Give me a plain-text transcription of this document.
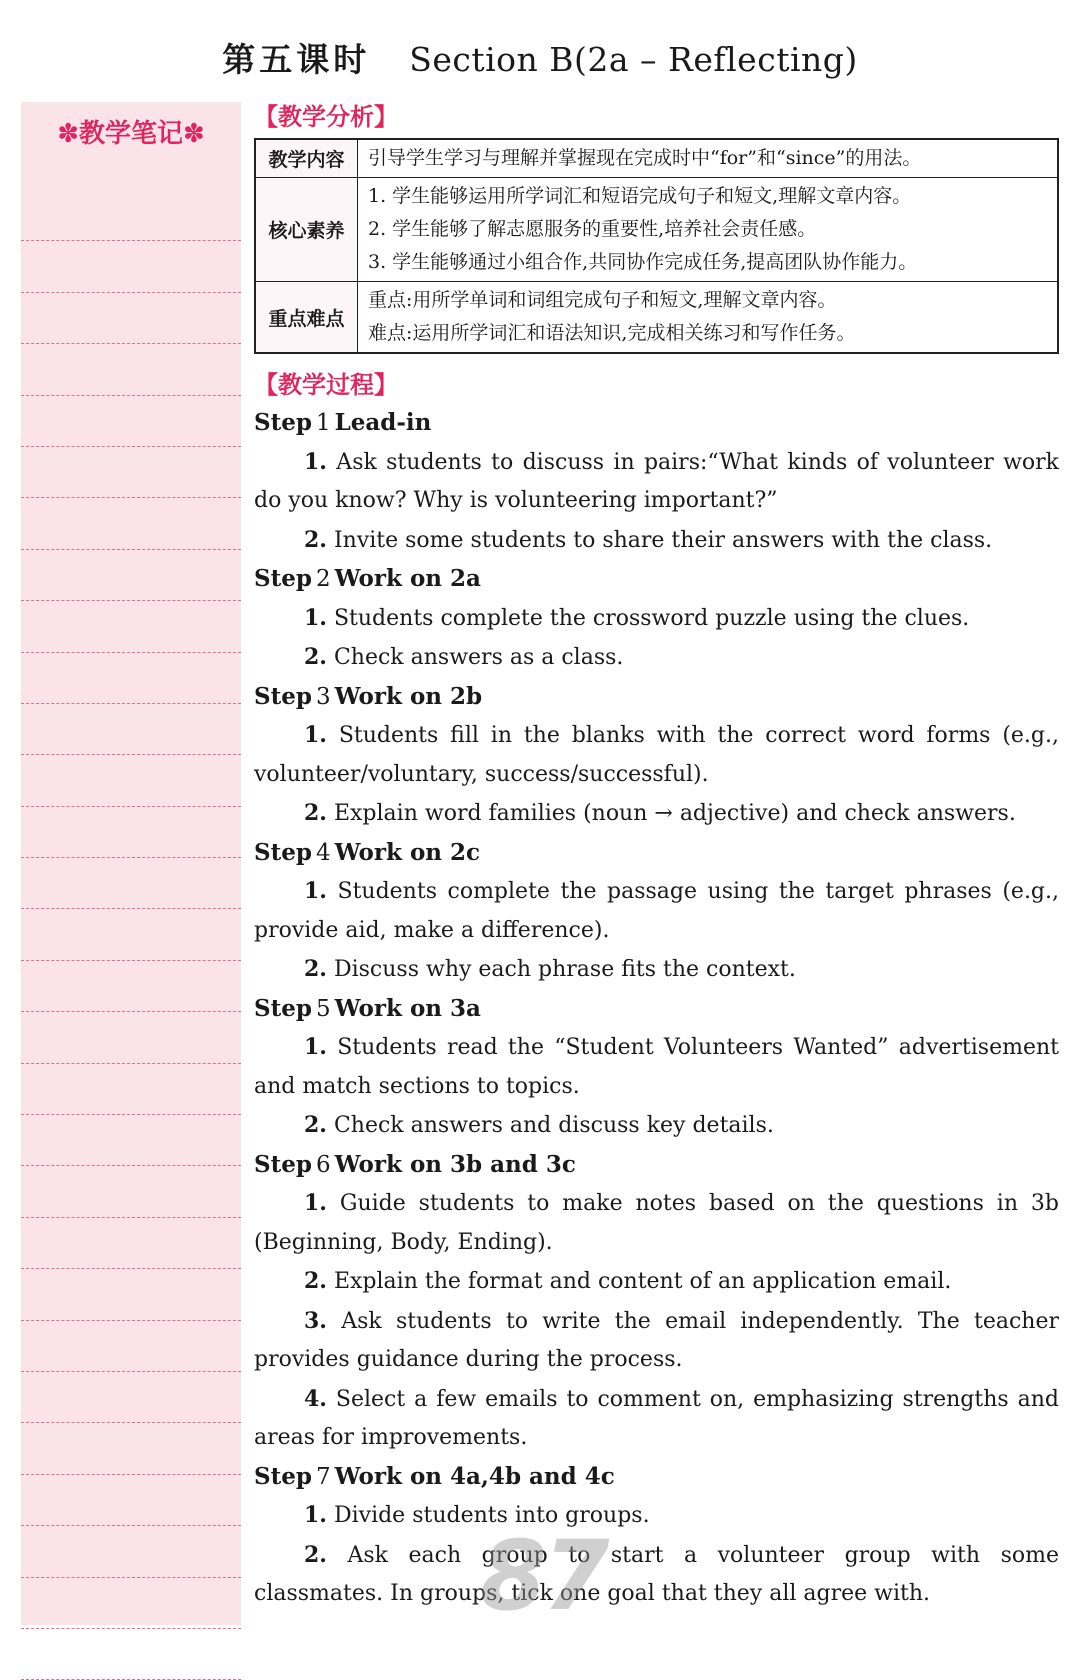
第五课时 Section B(2a – Reflecting)
✽教学笔记✽
【教学分析】
教学内容	引导学生学习与理解并掌握现在完成时中“for”和“since”的用法。

核心素养	1. 学生能够运用所学词汇和短语完成句子和短文,理解文章内容。
2. 学生能够了解志愿服务的重要性,培养社会责任感。
3. 学生能够通过小组合作,共同协作完成任务,提高团队协作能力。

重点难点	重点:用所学单词和词组完成句子和短文,理解文章内容。
难点:运用所学词汇和语法知识,完成相关练习和写作任务。
【教学过程】
Step 1 Lead-in

1. Ask students to discuss in pairs:“What kinds of volunteer work do you know? Why is volunteering important?”

2. Invite some students to share their answers with the class.

Step 2 Work on 2a

1. Students complete the crossword puzzle using the clues.

2. Check answers as a class.

Step 3 Work on 2b

1. Students fill in the blanks with the correct word forms (e.g., volunteer/voluntary, success/successful).

2. Explain word families (noun → adjective) and check answers.

Step 4 Work on 2c

1. Students complete the passage using the target phrases (e.g., provide aid, make a difference).

2. Discuss why each phrase fits the context.

Step 5 Work on 3a

1. Students read the “Student Volunteers Wanted” advertisement and match sections to topics.

2. Check answers and discuss key details.

Step 6 Work on 3b and 3c

1. Guide students to make notes based on the questions in 3b (Beginning, Body, Ending).

2. Explain the format and content of an application email.

3. Ask students to write the email independently. The teacher provides guidance during the process.

4. Select a few emails to comment on, emphasizing strengths and areas for improvements.

Step 7 Work on 4a,4b and 4c

1. Divide students into groups.

2. Ask each group to start a volunteer group with some classmates. In groups, tick one goal that they all agree with.

87
